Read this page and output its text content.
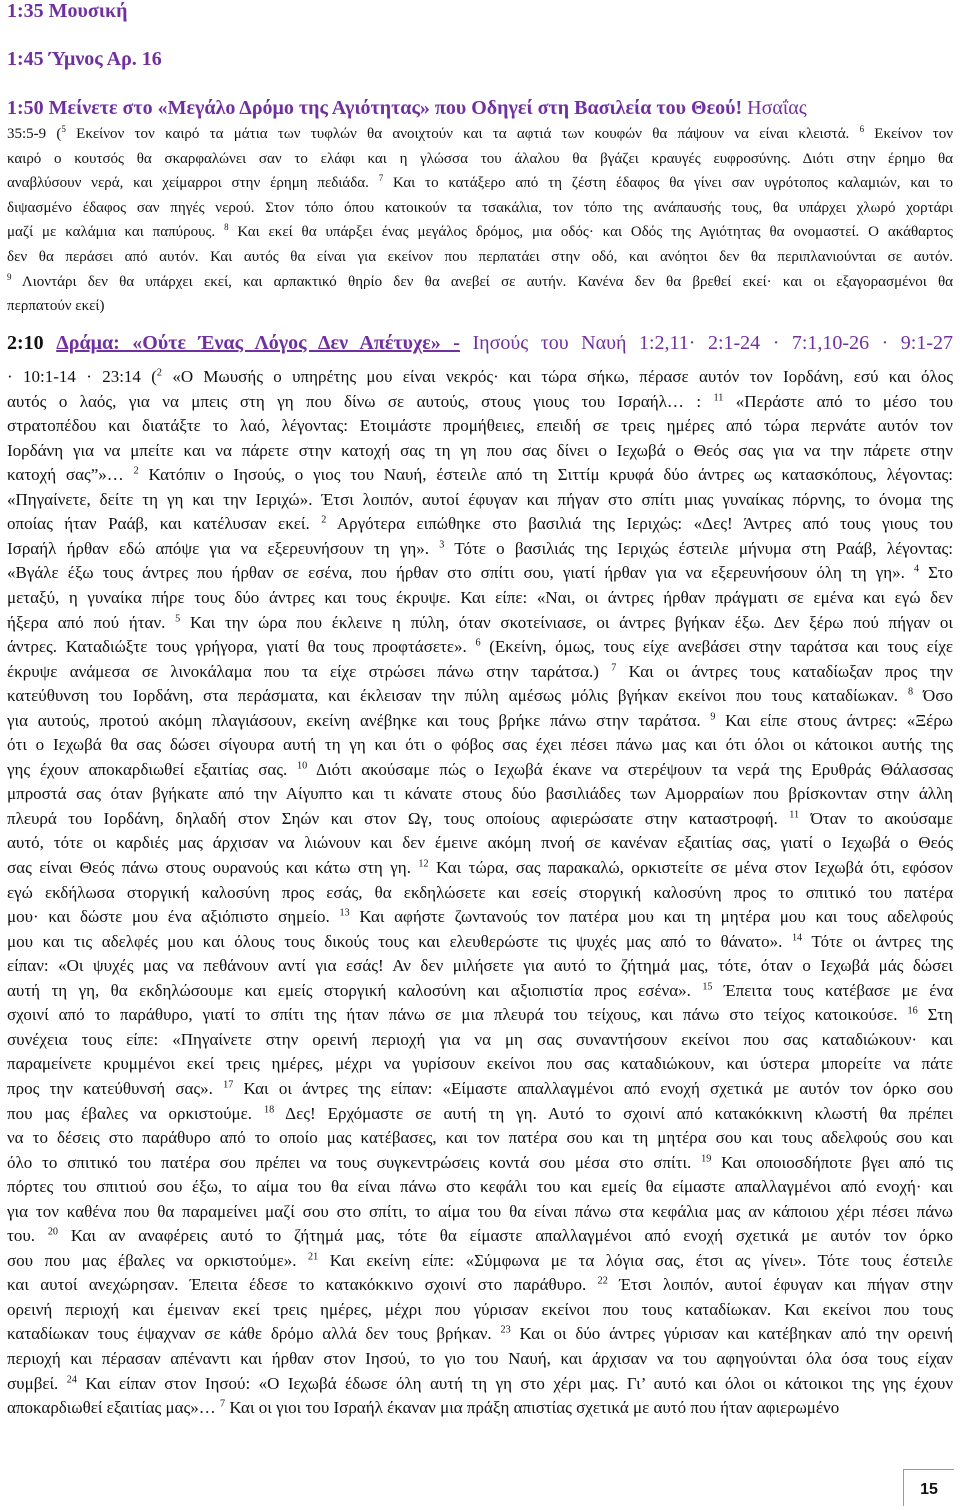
1:35 Μουσική
1:45 Ύμνος Αρ. 16
1:50 Μείνετε στο «Μεγάλο Δρόμο της Αγιότητας» που Οδηγεί στη Βασιλεία του Θεού! Ησαΐας
35:5-9 ($^5$ Εκείνον τον καιρό τα μάτια των τυφλών θα ανοιχτούν και τα αφτιά των κουφών θα πάψουν να είναι κλειστά. $^6$ Εκείνον τον
καιρό ο κουτσός θα σκαρφαλώνει σαν το ελάφι και η γλώσσα του άλαλου θα βγάζει κραυγές ευφροσύνης. Διότι στην έρημο θα
αναβλύσουν νερά, και χείμαρροι στην έρημη πεδιάδα. $^7$ Και το κατάξερο από τη ζέστη έδαφος θα γίνει σαν υγρότοπος καλαμιών, και το
διψασμένο έδαφος σαν πηγές νερού. Στον τόπο όπου κατοικούν τα τσακάλια, τον τόπο της ανάπαυσής τους, θα υπάρχει χλωρό χορτάρι
μαζί με καλάμια και παπύρους. $^8$ Και εκεί θα υπάρξει ένας μεγάλος δρόμος, μια οδός· και Οδός της Αγιότητας θα ονομαστεί. Ο ακάθαρτος
δεν θα περάσει από αυτόν. Και αυτός θα είναι για εκείνον που περπατάει στην οδό, και ανόητοι δεν θα περιπλανιούνται σε αυτόν.
$^9$ Λιοντάρι δεν θα υπάρχει εκεί, και αρπακτικό θηρίο δεν θα ανεβεί σε αυτήν. Κανένα δεν θα βρεθεί εκεί· και οι εξαγορασμένοι θα
περπατούν εκεί)
2:10 Δράμα: «Ούτε Ένας Λόγος Δεν Απέτυχε» - Ιησούς του Ναυή 1:2,11· 2:1-24 · 7:1,10-26 · 9:1-27
· 10:1-14 · 23:14 ($^2$ «Ο Μωυσής ο υπηρέτης μου είναι νεκρός· και τώρα σήκω, πέρασε αυτόν τον Ιορδάνη, εσύ και όλος
αυτός ο λαός, για να μπεις στη γη που δίνω σε αυτούς, στους γιους του Ισραήλ… : $^{11}$ «Περάστε από το μέσο του
στρατοπέδου και διατάξτε το λαό, λέγοντας: Ετοιμάστε προμήθειες, επειδή σε τρεις ημέρες από τώρα περνάτε αυτόν τον
Ιορδάνη για να μπείτε και να πάρετε στην κατοχή σας τη γη που σας δίνει ο Ιεχωβά ο Θεός σας για να την πάρετε στην
κατοχή σας”»… $^2$ Κατόπιν ο Ιησούς, ο γιος του Ναυή, έστειλε από τη Σιττίμ κρυφά δύο άντρες ως κατασκόπους, λέγοντας:
«Πηγαίνετε, δείτε τη γη και την Ιεριχώ». Έτσι λοιπόν, αυτοί έφυγαν και πήγαν στο σπίτι μιας γυναίκας πόρνης, το όνομα της
οποίας ήταν Ραάβ, και κατέλυσαν εκεί. $^2$ Αργότερα ειπώθηκε στο βασιλιά της Ιεριχώς: «Δες! Άντρες από τους γιους του
Ισραήλ ήρθαν εδώ απόψε για να εξερευνήσουν τη γη». $^3$ Τότε ο βασιλιάς της Ιεριχώς έστειλε μήνυμα στη Ραάβ, λέγοντας:
«Βγάλε έξω τους άντρες που ήρθαν σε εσένα, που ήρθαν στο σπίτι σου, γιατί ήρθαν για να εξερευνήσουν όλη τη γη». $^4$ Στο
μεταξύ, η γυναίκα πήρε τους δύο άντρες και τους έκρυψε. Και είπε: «Ναι, οι άντρες ήρθαν πράγματι σε εμένα και εγώ δεν
ήξερα από πού ήταν. $^5$ Και την ώρα που έκλεινε η πύλη, όταν σκοτείνιασε, οι άντρες βγήκαν έξω. Δεν ξέρω πού πήγαν οι
άντρες. Καταδιώξτε τους γρήγορα, γιατί θα τους προφτάσετε». $^6$ (Εκείνη, όμως, τους είχε ανεβάσει στην ταράτσα και τους είχε
έκρυψε ανάμεσα σε λινοκάλαμα που τα είχε στρώσει πάνω στην ταράτσα.) $^7$ Και οι άντρες τους καταδίωξαν προς την
κατεύθυνση του Ιορδάνη, στα περάσματα, και έκλεισαν την πύλη αμέσως μόλις βγήκαν εκείνοι που τους καταδίωκαν. $^8$ Όσο
για αυτούς, προτού ακόμη πλαγιάσουν, εκείνη ανέβηκε και τους βρήκε πάνω στην ταράτσα. $^9$ Και είπε στους άντρες: «Ξέρω
ότι ο Ιεχωβά θα σας δώσει σίγουρα αυτή τη γη και ότι ο φόβος σας έχει πέσει πάνω μας και ότι όλοι οι κάτοικοι αυτής της
γης έχουν αποκαρδιωθεί εξαιτίας σας. $^{10}$ Διότι ακούσαμε πώς ο Ιεχωβά έκανε να στερέψουν τα νερά της Ερυθράς Θάλασσας
μπροστά σας όταν βγήκατε από την Αίγυπτο και τι κάνατε στους δύο βασιλιάδες των Αμορραίων που βρίσκονταν στην άλλη
πλευρά του Ιορδάνη, δηλαδή στον Σηών και στον Ωγ, τους οποίους αφιερώσατε στην καταστροφή. $^{11}$ Όταν το ακούσαμε
αυτό, τότε οι καρδιές μας άρχισαν να λιώνουν και δεν έμεινε ακόμη πνοή σε κανέναν εξαιτίας σας, γιατί ο Ιεχωβά ο Θεός
σας είναι Θεός πάνω στους ουρανούς και κάτω στη γη. $^{12}$ Και τώρα, σας παρακαλώ, ορκιστείτε σε μένα στον Ιεχωβά ότι, εφόσον
εγώ εκδήλωσα στοργική καλοσύνη προς εσάς, θα εκδηλώσετε και εσείς στοργική καλοσύνη προς το σπιτικό του πατέρα
μου· και δώστε μου ένα αξιόπιστο σημείο. $^{13}$ Και αφήστε ζωντανούς τον πατέρα μου και τη μητέρα μου και τους αδελφούς
μου και τις αδελφές μου και όλους τους δικούς τους και ελευθερώστε τις ψυχές μας από το θάνατο». $^{14}$ Τότε οι άντρες της
είπαν: «Οι ψυχές μας να πεθάνουν αντί για εσάς! Αν δεν μιλήσετε για αυτό το ζήτημά μας, τότε, όταν ο Ιεχωβά μάς δώσει
αυτή τη γη, θα εκδηλώσουμε και εμείς στοργική καλοσύνη και αξιοπιστία προς εσένα». $^{15}$ Έπειτα τους κατέβασε με ένα
σχοινί από το παράθυρο, γιατί το σπίτι της ήταν πάνω σε μια πλευρά του τείχους, και πάνω στο τείχος κατοικούσε. $^{16}$ Στη
συνέχεια τους είπε: «Πηγαίνετε στην ορεινή περιοχή για να μη σας συναντήσουν εκείνοι που σας καταδιώκουν· και
παραμείνετε κρυμμένοι εκεί τρεις ημέρες, μέχρι να γυρίσουν εκείνοι που σας καταδιώκουν, και ύστερα μπορείτε να πάτε
προς την κατεύθυνσή σας». $^{17}$ Και οι άντρες της είπαν: «Είμαστε απαλλαγμένοι από ενοχή σχετικά με αυτόν τον όρκο σου
που μας έβαλες να ορκιστούμε. $^{18}$ Δες! Ερχόμαστε σε αυτή τη γη. Αυτό το σχοινί από κατακόκκινη κλωστή θα πρέπει
να το δέσεις στο παράθυρο από το οποίο μας κατέβασες, και τον πατέρα σου και τη μητέρα σου και τους αδελφούς σου και
όλο το σπιτικό του πατέρα σου πρέπει να τους συγκεντρώσεις κοντά σου μέσα στο σπίτι. $^{19}$ Και οποιοσδήποτε βγει από τις
πόρτες του σπιτιού σου έξω, το αίμα του θα είναι πάνω στο κεφάλι του και εμείς θα είμαστε απαλλαγμένοι από ενοχή· και
για τον καθένα που θα παραμείνει μαζί σου στο σπίτι, το αίμα του θα είναι πάνω στα κεφάλια μας αν κάποιου χέρι πέσει πάνω
του. $^{20}$ Και αν αναφέρεις αυτό το ζήτημά μας, τότε θα είμαστε απαλλαγμένοι από ενοχή σχετικά με αυτόν τον όρκο
σου που μας έβαλες να ορκιστούμε». $^{21}$ Και εκείνη είπε: «Σύμφωνα με τα λόγια σας, έτσι ας γίνει». Τότε τους έστειλε
και αυτοί ανεχώρησαν. Έπειτα έδεσε το κατακόκκινο σχοινί στο παράθυρο. $^{22}$ Έτσι λοιπόν, αυτοί έφυγαν και πήγαν στην
ορεινή περιοχή και έμειναν εκεί τρεις ημέρες, μέχρι που γύρισαν εκείνοι που τους καταδίωκαν. Και εκείνοι που τους
καταδίωκαν τους έψαχναν σε κάθε δρόμο αλλά δεν τους βρήκαν. $^{23}$ Και οι δύο άντρες γύρισαν και κατέβηκαν από την ορεινή
περιοχή και πέρασαν απέναντι και ήρθαν στον Ιησού, το γιο του Ναυή, και άρχισαν να του αφηγούνται όλα όσα τους είχαν
συμβεί. $^{24}$ Και είπαν στον Ιησού: «Ο Ιεχωβά έδωσε όλη αυτή τη γη στο χέρι μας. Γι’ αυτό και όλοι οι κάτοικοι της γης έχουν
αποκαρδιωθεί εξαιτίας μας»… $^7$ Και οι γιοι του Ισραήλ έκαναν μια πράξη απιστίας σχετικά με αυτό που ήταν αφιερωμένο
15
